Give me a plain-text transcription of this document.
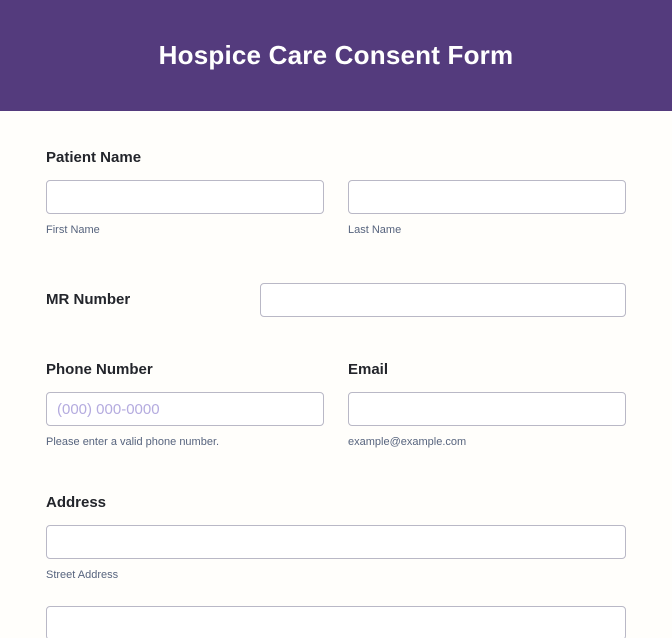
Hospice Care Consent Form
Patient Name
First Name	Last Name
MR Number
Phone Number
(000) 000-0000
Please enter a valid phone number.
Email
example@example.com
Address
Street Address
